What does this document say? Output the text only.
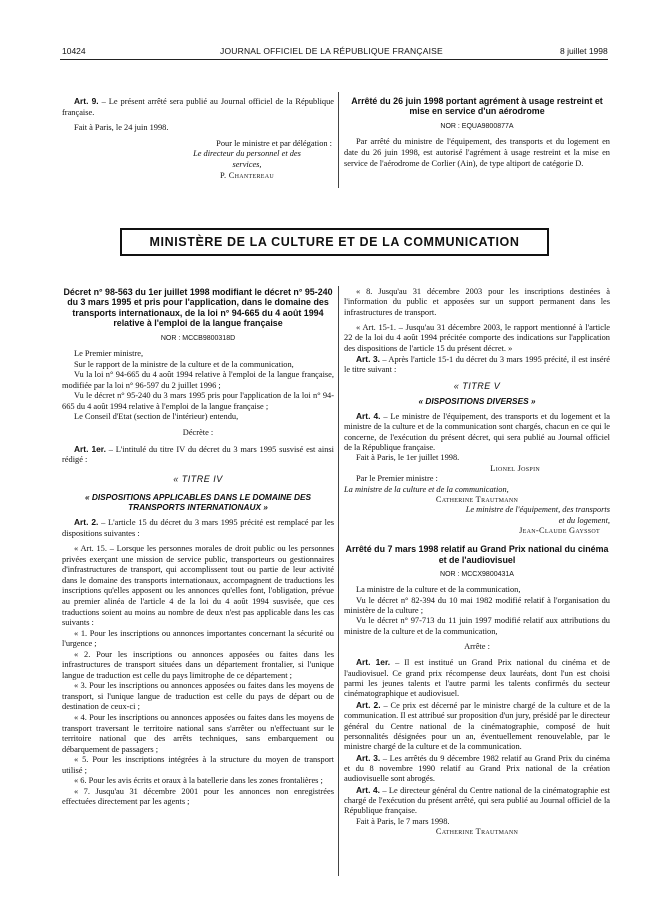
10424	JOURNAL OFFICIEL DE LA RÉPUBLIQUE FRANÇAISE	8 juillet 1998

Art. 9. – Le présent arrêté sera publié au Journal officiel de la République française.

Fait à Paris, le 24 juin 1998.

Pour le ministre et par délégation :

Le directeur du personnel et des services,

P. Chantereau

Arrêté du 26 juin 1998 portant agrément à usage restreint et mise en service d'un aérodrome

NOR : EQUA9800877A

Par arrêté du ministre de l'équipement, des transports et du logement en date du 26 juin 1998, est autorisé l'agrément à usage restreint et la mise en service de l'aérodrome de Corlier (Ain), de type altiport de catégorie D.

MINISTÈRE DE LA CULTURE ET DE LA COMMUNICATION

Décret n° 98-563 du 1er juillet 1998 modifiant le décret n° 95-240 du 3 mars 1995 et pris pour l'application, dans le domaine des transports internationaux, de la loi n° 94-665 du 4 août 1994 relative à l'emploi de la langue française

NOR : MCCB9800318D

Le Premier ministre,

Sur le rapport de la ministre de la culture et de la communication,

Vu la loi n° 94-665 du 4 août 1994 relative à l'emploi de la langue française, modifiée par la loi n° 96-597 du 2 juillet 1996 ;

Vu le décret n° 95-240 du 3 mars 1995 pris pour l'application de la loi n° 94-665 du 4 août 1994 relative à l'emploi de la langue française ;

Le Conseil d'Etat (section de l'intérieur) entendu,

Décrète :

Art. 1er. – L'intitulé du titre IV du décret du 3 mars 1995 susvisé est ainsi rédigé :

« TITRE IV

« DISPOSITIONS APPLICABLES DANS LE DOMAINE DES TRANSPORTS INTERNATIONAUX »

Art. 2. – L'article 15 du décret du 3 mars 1995 précité est remplacé par les dispositions suivantes :

« Art. 15. – Lorsque les personnes morales de droit public ou les personnes privées exerçant une mission de service public, transporteurs ou gestionnaires d'infrastructures de transport, qui accomplissent tout ou partie de leur activité dans le domaine des transports internationaux, accompagnent de traductions les inscriptions qu'elles apposent ou les annonces qu'elles font, l'obligation, prévue au premier alinéa de l'article 4 de la loi du 4 août 1994 susvisée, que ces traductions soient au moins au nombre de deux n'est pas applicable dans les cas suivants :

« 1. Pour les inscriptions ou annonces importantes concernant la sécurité ou l'urgence ;

« 2. Pour les inscriptions ou annonces apposées ou faites dans les infrastructures de transport situées dans un département frontalier, si l'unique langue de traduction est celle du pays limitrophe de ce département ;

« 3. Pour les inscriptions ou annonces apposées ou faites dans les moyens de transport, si l'unique langue de traduction est celle du pays de départ ou de destination de ceux-ci ;

« 4. Pour les inscriptions ou annonces apposées ou faites dans les moyens de transport traversant le territoire national sans s'arrêter ou n'effectuant sur le territoire national que des arrêts techniques, sans embarquement ou débarquement de passagers ;

« 5. Pour les inscriptions intégrées à la structure du moyen de transport utilisé ;

« 6. Pour les avis écrits et oraux à la batellerie dans les zones frontalières ;

« 7. Jusqu'au 31 décembre 2001 pour les annonces non enregistrées effectuées directement par les agents ;

« 8. Jusqu'au 31 décembre 2003 pour les inscriptions destinées à l'information du public et apposées sur un support permanent dans les infrastructures de transport.

« Art. 15-1. – Jusqu'au 31 décembre 2003, le rapport mentionné à l'article 22 de la loi du 4 août 1994 précitée comporte des indications sur l'application des dispositions de l'article 15 du présent décret. »

Art. 3. – Après l'article 15-1 du décret du 3 mars 1995 précité, il est inséré le titre suivant :

« TITRE V

« DISPOSITIONS DIVERSES »

Art. 4. – Le ministre de l'équipement, des transports et du logement et la ministre de la culture et de la communication sont chargés, chacun en ce qui le concerne, de l'exécution du présent décret, qui sera publié au Journal officiel de la République française.

Fait à Paris, le 1er juillet 1998.

Lionel Jospin

Par le Premier ministre :

La ministre de la culture et de la communication,

Catherine Trautmann

Le ministre de l'équipement, des transports et du logement,

Jean-Claude Gayssot

Arrêté du 7 mars 1998 relatif au Grand Prix national du cinéma et de l'audiovisuel

NOR : MCCX9800431A

La ministre de la culture et de la communication,

Vu le décret n° 82-394 du 10 mai 1982 modifié relatif à l'organisation du ministère de la culture ;

Vu le décret n° 97-713 du 11 juin 1997 modifié relatif aux attributions du ministre de la culture et de la communication,

Arrête :

Art. 1er. – Il est institué un Grand Prix national du cinéma et de l'audiovisuel. Ce grand prix récompense deux lauréats, dont l'un est choisi parmi les jeunes talents et l'autre parmi les talents confirmés du secteur cinématographique et audiovisuel.

Art. 2. – Ce prix est décerné par le ministre chargé de la culture et de la communication. Il est attribué sur proposition d'un jury, présidé par le directeur général du Centre national de la cinématographie, composé de huit personnalités désignées pour un an, éventuellement renouvelable, par le ministre chargé de la culture et de la communication.

Art. 3. – Les arrêtés du 9 décembre 1982 relatif au Grand Prix du cinéma et du 8 novembre 1990 relatif au Grand Prix national de la création audiovisuelle sont abrogés.

Art. 4. – Le directeur général du Centre national de la cinématographie est chargé de l'exécution du présent arrêté, qui sera publié au Journal officiel de la République française.

Fait à Paris, le 7 mars 1998.

Catherine Trautmann
